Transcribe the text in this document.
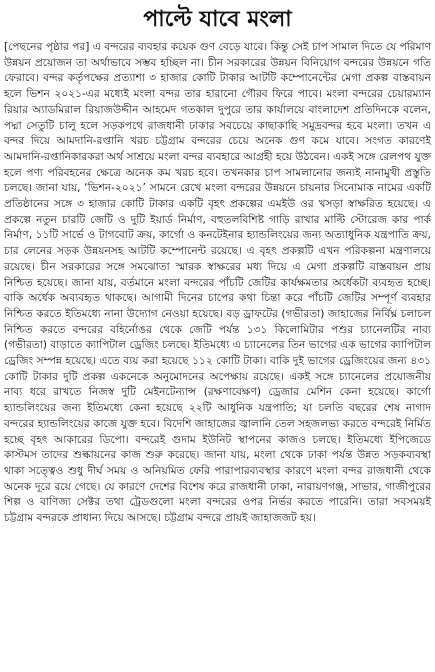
পাল্টে যাবে মংলা

[পেছনের পৃষ্ঠার পর] এ বন্দরের ব্যবহার কয়েক গুণ বেড়ে যাবে। কিন্তু সেই চাপ সামাল দিতে যে পরিমাণ উন্নয়ন প্রয়োজন তা অর্থাভাবে সম্ভব হচ্ছিল না। চীন সরকারের উন্নয়ন বিনিয়োগ বন্দরের উন্নয়নে গতি ফেরাবে। বন্দর কর্তৃপক্ষের প্রত্যাশা ৩ হাজার কোটি টাকার আটটি কম্পোনেন্টের মেগা প্রকল্প বাস্তবায়ন হলে ভিশন ২০২১-এর মধ্যেই মংলা বন্দর তার হারানো গৌরব ফিরে পাবে। মংলা বন্দরের চেয়ারম্যান রিয়ার অ্যাডমিরাল রিয়াজউদ্দীন আহমেদ গতকাল দুপুরে তার কার্যালয়ে বাংলাদেশ প্রতিদিনকে বলেন, পদ্মা সেতুটি চালু হলে সড়কপথে রাজধানী ঢাকার সবচেয়ে কাছাকাছি সমুদ্রবন্দর হবে মংলা। তখন এ বন্দর দিয়ে আমদানি-রপ্তানি খরচ চট্টগ্রাম বন্দরের চেয়ে অনেক গুণ কমে যাবে। সংগত কারণেই আমদানি-রপ্তানিকারকরা অর্থ সাশ্রয়ে মংলা বন্দর ব্যবহারে আগ্রহী হয়ে উঠবেন। একই সঙ্গে রেলপথ যুক্ত হলে পণ্য পরিবহনের ক্ষেত্রে অনেক কম খরচ হবে। তখনকার চাপ সামলানোর জন্যই নানামুখী প্রস্তুতি চলছে। জানা যায়, ‘ভিশন-২০২১’ সামনে রেখে মংলা বন্দরের উন্নয়নে চায়নার সিনোমাক নামের একটি প্রতিষ্ঠানের সঙ্গে ৩ হাজার কোটি টাকার একটি বৃহৎ প্রকল্পের এমইউ ওর খসড়া স্বাক্ষরিত হয়েছে। এ প্রকল্পে নতুন চারটি জেটি ও দুটি ইয়ার্ড নির্মাণ, বহুতলবিশিষ্ট গাড়ি রাখার মাল্টি স্টোরেজ কার পার্ক নির্মাণ, ১১টি সার্ভে ও টাগবোট ক্রয়, কার্গো ও কনটেইনার হ্যান্ডলিংয়ের জন্য অত্যাধুনিক যন্ত্রপাতি ক্রয়, চার লেনের সড়ক উন্নয়নসহ আটটি কম্পোনেন্ট রয়েছে। এ বৃহৎ প্রকল্পটি এখন পরিকল্পনা মন্ত্রণালয়ে রয়েছে। চীন সরকারের সঙ্গে সমঝোতা স্মারক স্বাক্ষরের মধ্য দিয়ে এ মেগা প্রকল্পটি বাস্তবায়ন প্রায় নিশ্চিত হয়েছে। জানা যায়, বর্তমানে মংলা বন্দরের পাঁচটি জেটির কার্যক্ষমতার অর্ধেকটা ব্যবহৃত হচ্ছে। বাকি অর্ধেক অব্যবহৃত থাকছে। আগামী দিনের চাপের কথা চিন্তা করে পাঁচটি জেটির সম্পূর্ণ ব্যবহার নিশ্চিত করতে ইতিমধ্যে নানা উদ্যোগ নেওয়া হয়েছে। বড় ড্রাফটের (গভীরতা) জাহাজের নির্বিঘ্ন চলাচল নিশ্চিত করতে বন্দরের বহির্নোঙর থেকে জেটি পর্যন্ত ১৩১ কিলোমিটার পশুর চ্যানেলটির নাব্য (গভীরতা) বাড়াতে ক্যাপিটাল ড্রেজিং চলছে। ইতিমধ্যে এ চ্যানেলের তিন ভাগের এক ভাগের ক্যাপিটাল ড্রেজিং সম্পন্ন হয়েছে। এতে ব্যয় করা হয়েছে ১১২ কোটি টাকা। বাকি দুই ভাগের ড্রেজিংয়ের জন্য ৪৩১ কোটি টাকার দুটি প্রকল্প একনেকে অনুমোদনের অপেক্ষায় রয়েছে। একই সঙ্গে চ্যানেলের প্রয়োজনীয় নাব্য ধরে রাখতে নিজস্ব দুটি মেইনটেন্যান্স (রক্ষণাবেক্ষণ) ড্রেজার মেশিন কেনা হয়েছে। কার্গো হ্যান্ডলিংয়ের জন্য ইতিমধ্যে কেনা হয়েছে ২২টি আধুনিক যন্ত্রপাতি; যা চলতি বছরের শেষ নাগাদ বন্দরের হ্যান্ডলিংয়ের কাজে যুক্ত হবে। বিদেশি জাহাজের জ্বালানি তেল সহজলভ্য করতে বন্দরেই নির্মিত হচ্ছে বৃহৎ আকারের ডিপো। বন্দরেই গুদাম ইউনিট স্থাপনের কাজও চলছে। ইতিমধ্যে ইপিজেডে কাস্টমস তাদের শুল্কায়নের কাজ শুরু করেছে। জানা যায়, মংলা থেকে ঢাকা পর্যন্ত উন্নত সড়কব্যবস্থা থাকা সত্ত্বেও শুধু দীর্ঘ সময় ও অনিয়মিত ফেরি পারাপারব্যবস্থার কারণে মংলা বন্দর রাজধানী থেকে অনেক দূরে রয়ে গেছে। যে কারণে দেশের বিশেষ করে রাজধানী ঢাকা, নারায়ণগঞ্জ, সাভার, গাজীপুরের শিল্প ও বাণিজ্য সেক্টর তথা ট্রেডগুলো মংলা বন্দরের ওপর নির্ভর করতে পারেনি। তারা সবসময়ই চট্টগ্রাম বন্দরকে প্রাধান্য দিয়ে আসছে। চট্টগ্রাম বন্দরে প্রায়ই জাহাজজট হয়।
